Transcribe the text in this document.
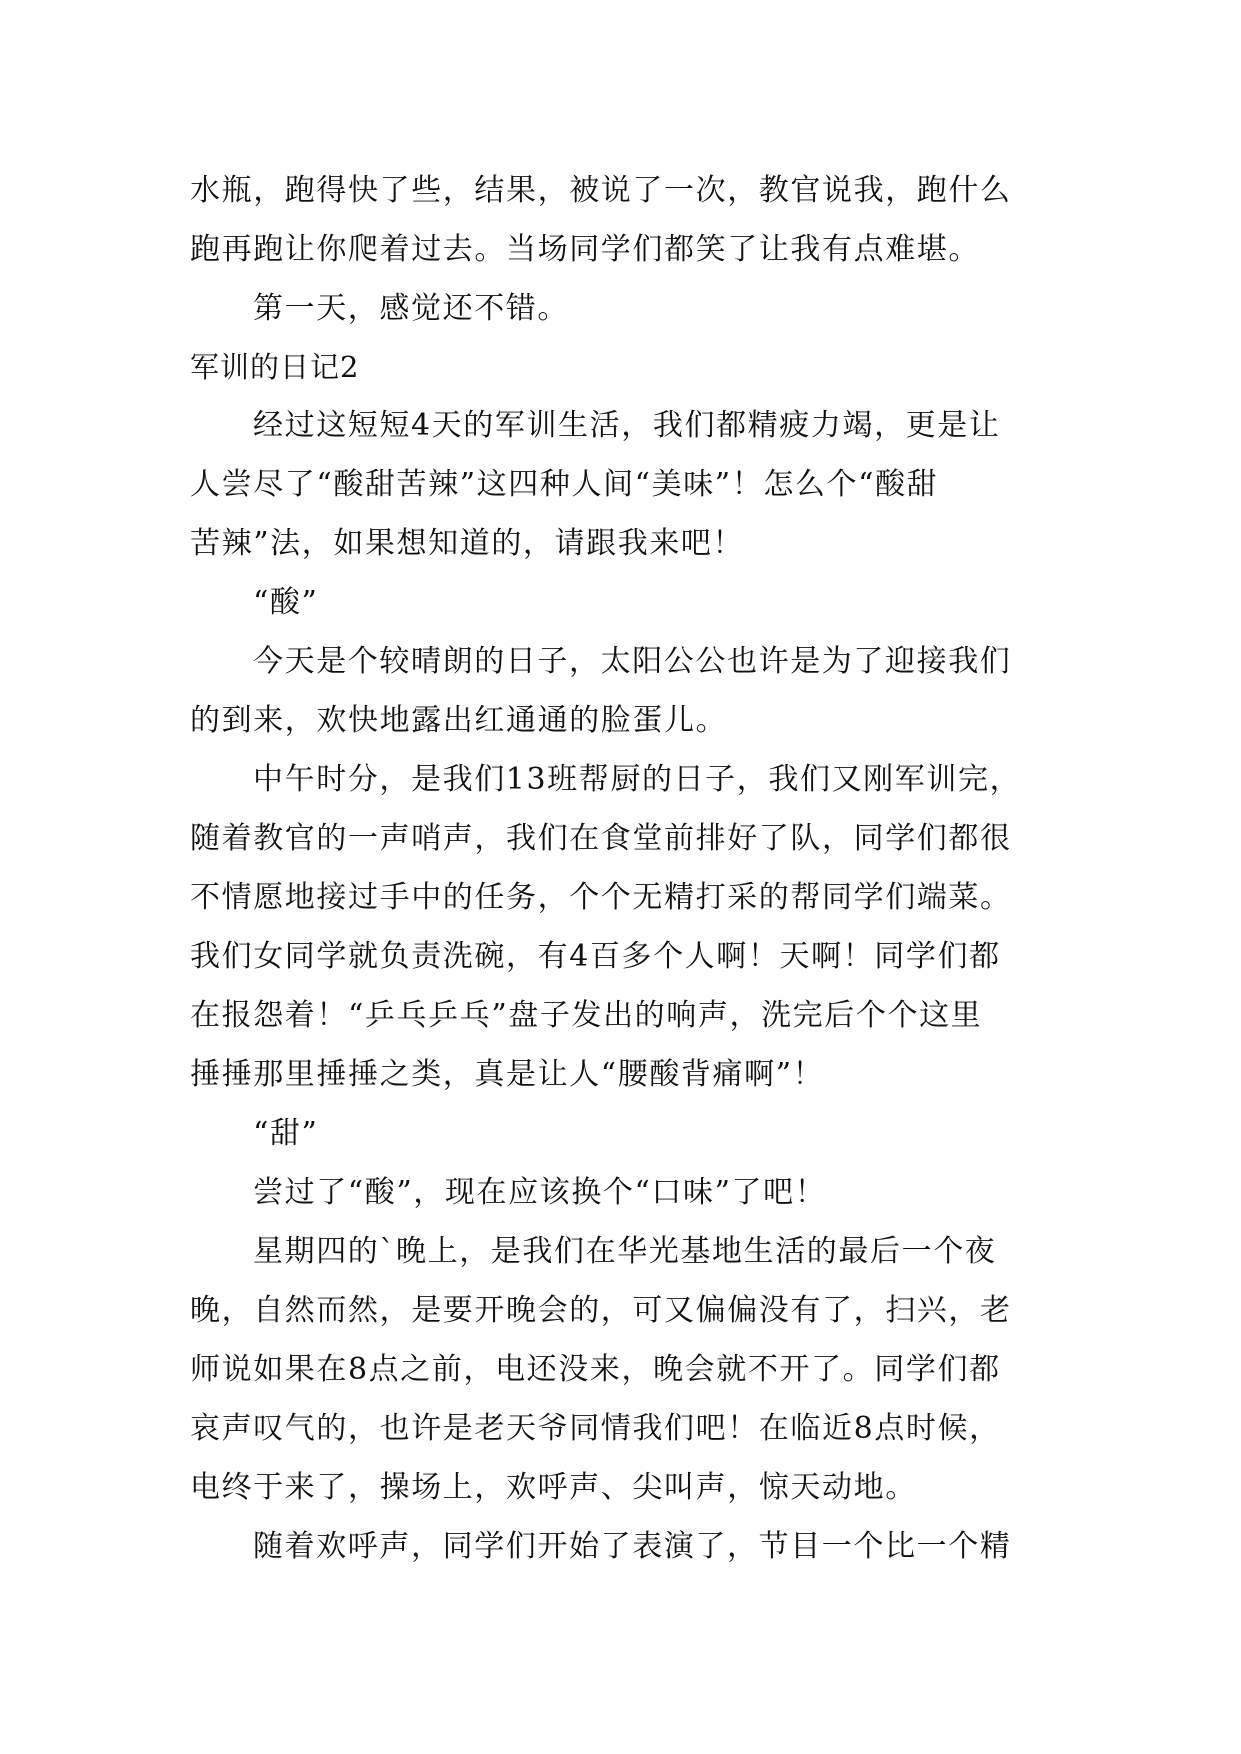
水瓶，跑得快了些，结果，被说了一次，教官说我，跑什么
跑再跑让你爬着过去。当场同学们都笑了让我有点难堪。
第一天，感觉还不错。
军训的日记2
经过这短短4天的军训生活，我们都精疲力竭，更是让
人尝尽了“酸甜苦辣”这四种人间“美味”！怎么个“酸甜
苦辣”法，如果想知道的，请跟我来吧！
“酸”
今天是个较晴朗的日子，太阳公公也许是为了迎接我们
的到来，欢快地露出红通通的脸蛋儿。
中午时分，是我们13班帮厨的日子，我们又刚军训完，
随着教官的一声哨声，我们在食堂前排好了队，同学们都很
不情愿地接过手中的任务，个个无精打采的帮同学们端菜。
我们女同学就负责洗碗，有4百多个人啊！天啊！同学们都
在报怨着！“乒乓乒乓”盘子发出的响声，洗完后个个这里
捶捶那里捶捶之类，真是让人“腰酸背痛啊”！
“甜”
尝过了“酸”，现在应该换个“口味”了吧！
星期四的`晚上，是我们在华光基地生活的最后一个夜
晚，自然而然，是要开晚会的，可又偏偏没有了，扫兴，老
师说如果在8点之前，电还没来，晚会就不开了。同学们都
哀声叹气的，也许是老天爷同情我们吧！在临近8点时候，
电终于来了，操场上，欢呼声、尖叫声，惊天动地。
随着欢呼声，同学们开始了表演了，节目一个比一个精
